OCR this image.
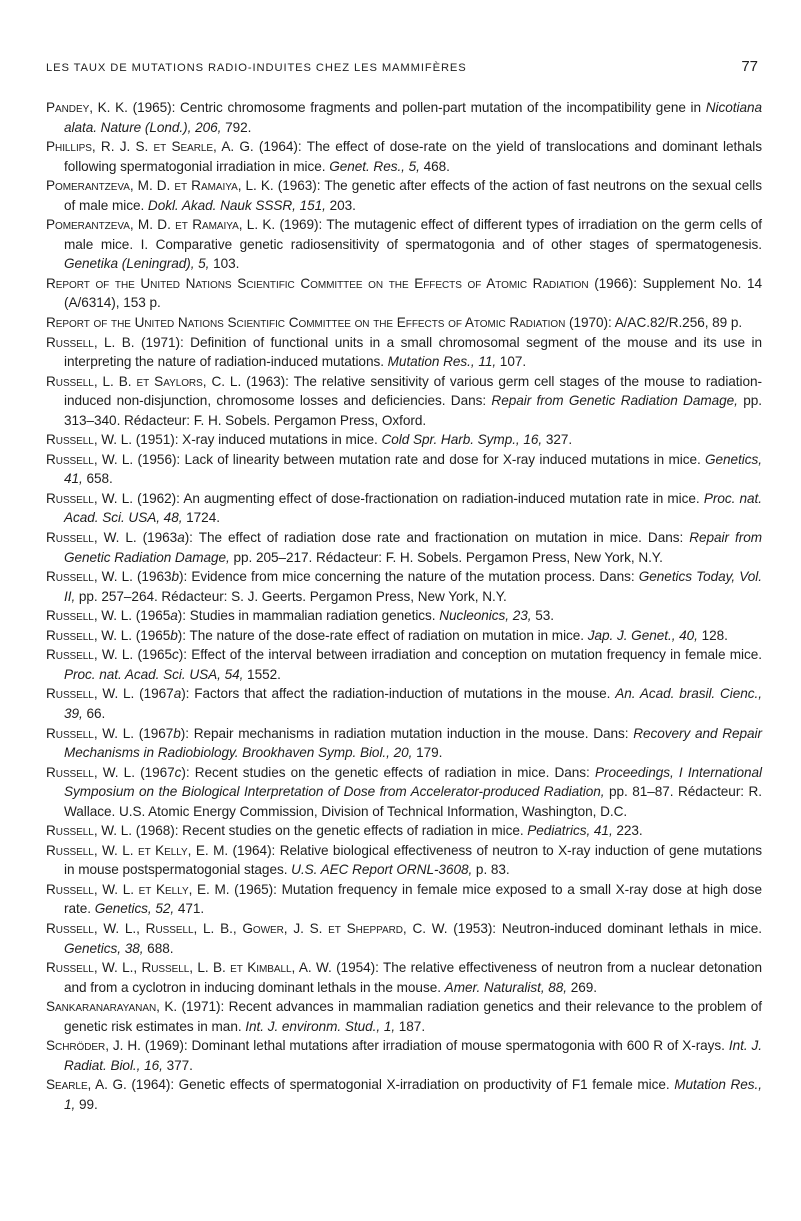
LES TAUX DE MUTATIONS RADIO-INDUITES CHEZ LES MAMMIFÈRES	77
Pandey, K. K. (1965): Centric chromosome fragments and pollen-part mutation of the incompatibility gene in Nicotiana alata. Nature (Lond.), 206, 792.
Phillips, R. J. S. et Searle, A. G. (1964): The effect of dose-rate on the yield of translocations and dominant lethals following spermatogonial irradiation in mice. Genet. Res., 5, 468.
Pomerantzeva, M. D. et Ramaiya, L. K. (1963): The genetic after effects of the action of fast neutrons on the sexual cells of male mice. Dokl. Akad. Nauk SSSR, 151, 203.
Pomerantzeva, M. D. et Ramaiya, L. K. (1969): The mutagenic effect of different types of irradiation on the germ cells of male mice. I. Comparative genetic radiosensitivity of spermatogonia and of other stages of spermatogenesis. Genetika (Leningrad), 5, 103.
Report of the United Nations Scientific Committee on the Effects of Atomic Radiation (1966): Supplement No. 14 (A/6314), 153 p.
Report of the United Nations Scientific Committee on the Effects of Atomic Radiation (1970): A/AC.82/R.256, 89 p.
Russell, L. B. (1971): Definition of functional units in a small chromosomal segment of the mouse and its use in interpreting the nature of radiation-induced mutations. Mutation Res., 11, 107.
Russell, L. B. et Saylors, C. L. (1963): The relative sensitivity of various germ cell stages of the mouse to radiation-induced non-disjunction, chromosome losses and deficiencies. Dans: Repair from Genetic Radiation Damage, pp. 313–340. Rédacteur: F. H. Sobels. Pergamon Press, Oxford.
Russell, W. L. (1951): X-ray induced mutations in mice. Cold Spr. Harb. Symp., 16, 327.
Russell, W. L. (1956): Lack of linearity between mutation rate and dose for X-ray induced mutations in mice. Genetics, 41, 658.
Russell, W. L. (1962): An augmenting effect of dose-fractionation on radiation-induced mutation rate in mice. Proc. nat. Acad. Sci. USA, 48, 1724.
Russell, W. L. (1963a): The effect of radiation dose rate and fractionation on mutation in mice. Dans: Repair from Genetic Radiation Damage, pp. 205–217. Rédacteur: F. H. Sobels. Pergamon Press, New York, N.Y.
Russell, W. L. (1963b): Evidence from mice concerning the nature of the mutation process. Dans: Genetics Today, Vol. II, pp. 257–264. Rédacteur: S. J. Geerts. Pergamon Press, New York, N.Y.
Russell, W. L. (1965a): Studies in mammalian radiation genetics. Nucleonics, 23, 53.
Russell, W. L. (1965b): The nature of the dose-rate effect of radiation on mutation in mice. Jap. J. Genet., 40, 128.
Russell, W. L. (1965c): Effect of the interval between irradiation and conception on mutation frequency in female mice. Proc. nat. Acad. Sci. USA, 54, 1552.
Russell, W. L. (1967a): Factors that affect the radiation-induction of mutations in the mouse. An. Acad. brasil. Cienc., 39, 66.
Russell, W. L. (1967b): Repair mechanisms in radiation mutation induction in the mouse. Dans: Recovery and Repair Mechanisms in Radiobiology. Brookhaven Symp. Biol., 20, 179.
Russell, W. L. (1967c): Recent studies on the genetic effects of radiation in mice. Dans: Proceedings, I International Symposium on the Biological Interpretation of Dose from Accelerator-produced Radiation, pp. 81–87. Rédacteur: R. Wallace. U.S. Atomic Energy Commission, Division of Technical Information, Washington, D.C.
Russell, W. L. (1968): Recent studies on the genetic effects of radiation in mice. Pediatrics, 41, 223.
Russell, W. L. et Kelly, E. M. (1964): Relative biological effectiveness of neutron to X-ray induction of gene mutations in mouse postspermatogonial stages. U.S. AEC Report ORNL-3608, p. 83.
Russell, W. L. et Kelly, E. M. (1965): Mutation frequency in female mice exposed to a small X-ray dose at high dose rate. Genetics, 52, 471.
Russell, W. L., Russell, L. B., Gower, J. S. et Sheppard, C. W. (1953): Neutron-induced dominant lethals in mice. Genetics, 38, 688.
Russell, W. L., Russell, L. B. et Kimball, A. W. (1954): The relative effectiveness of neutron from a nuclear detonation and from a cyclotron in inducing dominant lethals in the mouse. Amer. Naturalist, 88, 269.
Sankaranarayanan, K. (1971): Recent advances in mammalian radiation genetics and their relevance to the problem of genetic risk estimates in man. Int. J. environm. Stud., 1, 187.
Schröder, J. H. (1969): Dominant lethal mutations after irradiation of mouse spermatogonia with 600 R of X-rays. Int. J. Radiat. Biol., 16, 377.
Searle, A. G. (1964): Genetic effects of spermatogonial X-irradiation on productivity of F1 female mice. Mutation Res., 1, 99.
